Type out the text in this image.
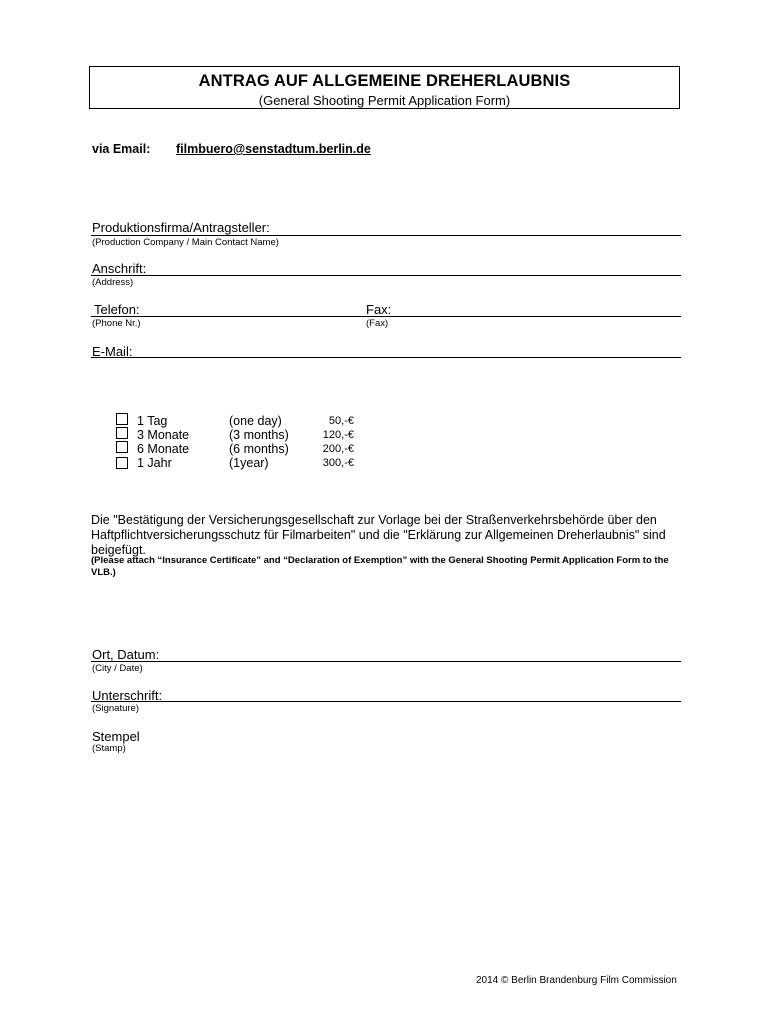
ANTRAG AUF ALLGEMEINE DREHERLAUBNIS
(General Shooting Permit Application Form)
via Email: filmbuero@senstadtum.berlin.de
Produktionsfirma/Antragsteller:
(Production Company / Main Contact Name)
Anschrift:
(Address)
Telefon:
(Phone Nr.)
Fax:
(Fax)
E-Mail:
1 Tag	(one day)	50,-€
3 Monate	(3 months)	120,-€
6 Monate	(6 months)	200,-€
1 Jahr	(1year)	300,-€
Die "Bestätigung der Versicherungsgesellschaft zur Vorlage bei der Straßenverkehrsbehörde über den Haftpflichtversicherungsschutz für Filmarbeiten" und die "Erklärung zur Allgemeinen Dreherlaubnis" sind beigefügt.
(Please attach “Insurance Certificate” and “Declaration of Exemption” with the General Shooting Permit Application Form to the VLB.)
Ort, Datum:
(City / Date)
Unterschrift:
(Signature)
Stempel
(Stamp)
2014 © Berlin Brandenburg Film Commission
